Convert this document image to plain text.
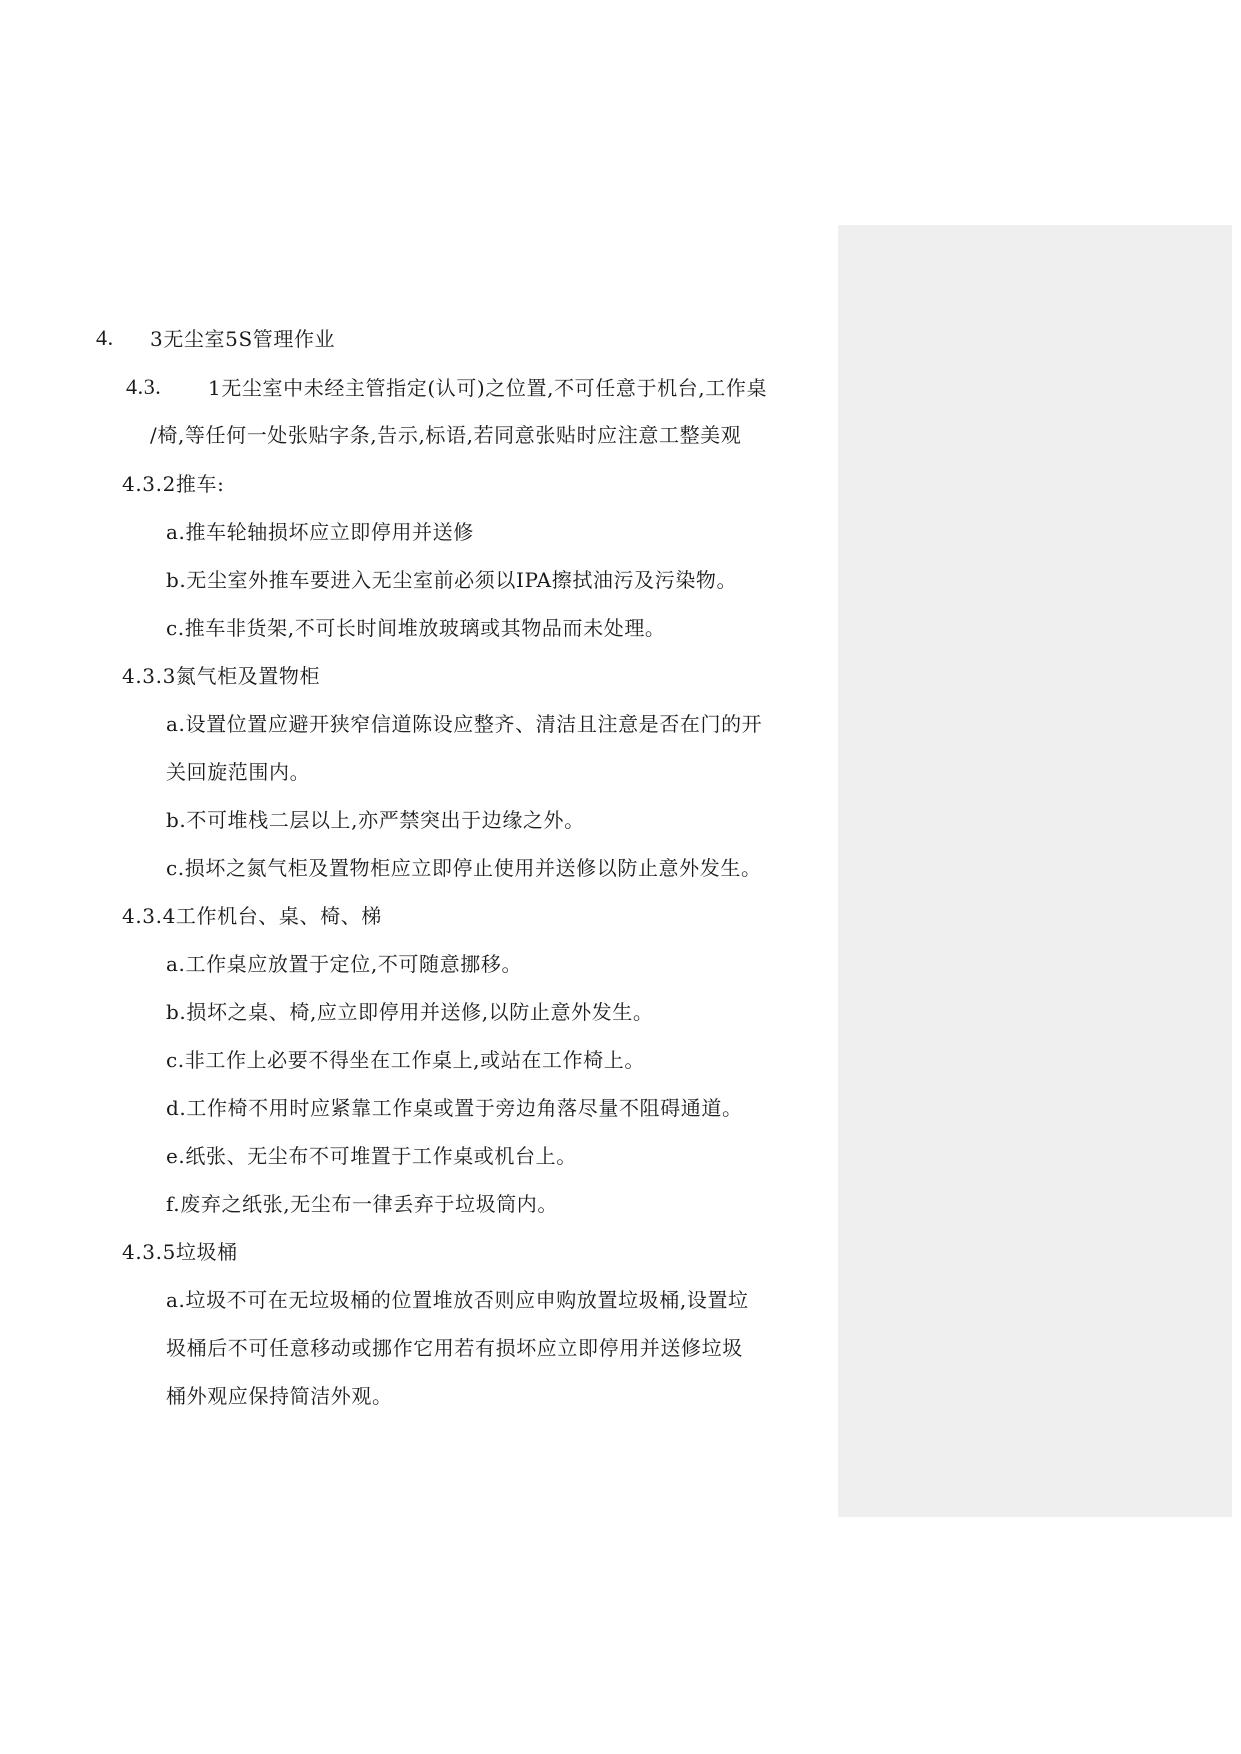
4. 3无尘室5S管理作业
4.3. 1无尘室中未经主管指定(认可)之位置,不可任意于机台,工作桌
/椅,等任何一处张贴字条,告示,标语,若同意张贴时应注意工整美观
4.3.2推车:
a.推车轮轴损坏应立即停用并送修
b.无尘室外推车要进入无尘室前必须以IPA擦拭油污及污染物。
c.推车非货架,不可长时间堆放玻璃或其物品而未处理。
4.3.3氮气柜及置物柜
a.设置位置应避开狭窄信道陈设应整齐、清洁且注意是否在门的开
关回旋范围内。
b.不可堆栈二层以上,亦严禁突出于边缘之外。
c.损坏之氮气柜及置物柜应立即停止使用并送修以防止意外发生。
4.3.4工作机台、桌、椅、梯
a.工作桌应放置于定位,不可随意挪移。
b.损坏之桌、椅,应立即停用并送修,以防止意外发生。
c.非工作上必要不得坐在工作桌上,或站在工作椅上。
d.工作椅不用时应紧靠工作桌或置于旁边角落尽量不阻碍通道。
e.纸张、无尘布不可堆置于工作桌或机台上。
f.废弃之纸张,无尘布一律丢弃于垃圾筒内。
4.3.5垃圾桶
a.垃圾不可在无垃圾桶的位置堆放否则应申购放置垃圾桶,设置垃
圾桶后不可任意移动或挪作它用若有损坏应立即停用并送修垃圾
桶外观应保持简洁外观。
